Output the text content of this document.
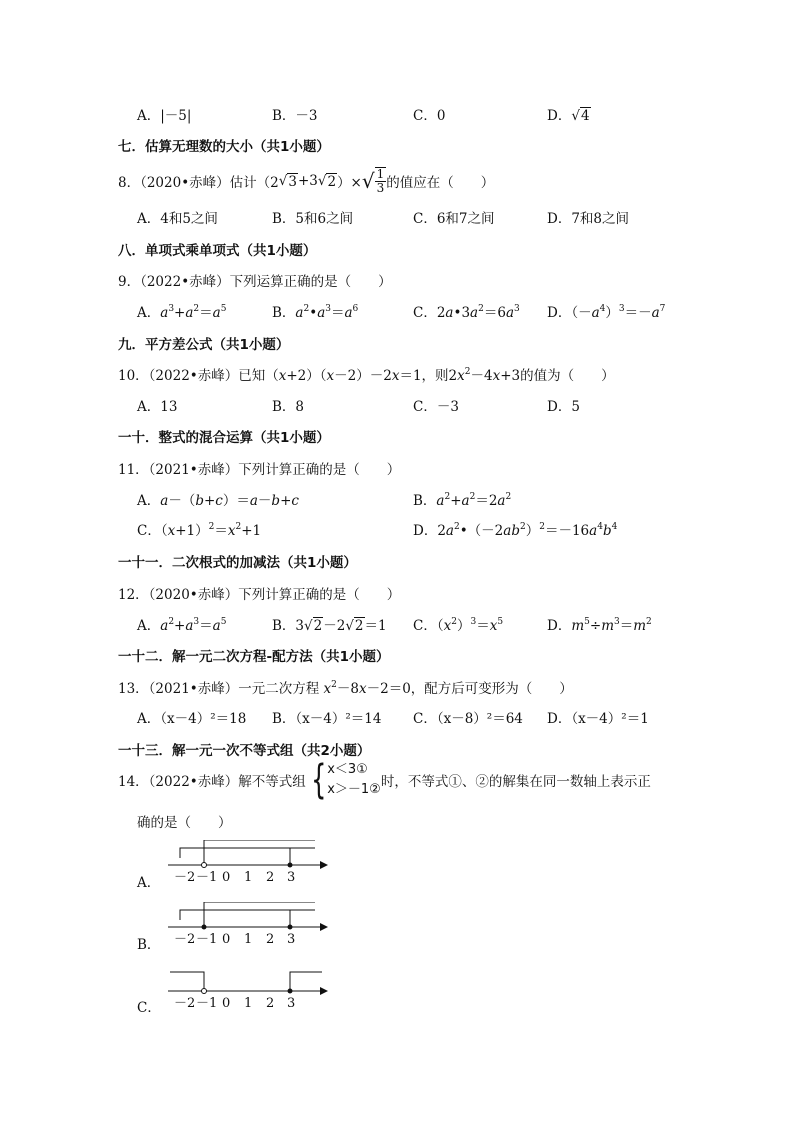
A．|－5|	B．－3	C．0	D．√4
七．估算无理数的大小（共1小题）
8．（2020•赤峰）估计（2 √ 3 +3 √ 2 ）× √ $\frac{1}{3}$ 的值应在（　　）
A．4和5之间	B．5和6之间	C．6和7之间	D．7和8之间
八．单项式乘单项式（共1小题）
9．（2022•赤峰）下列运算正确的是（　　）
A．$a^3+a^2=a^5$	B．$a^2•a^3=a^6$	C．$2a•3a^2=6a^3$ D．$(-a^4)^3=-a^7$
九．平方差公式（共1小题）
10．（2022•赤峰）已知（x+2）（x－2）－2x＝1，则$2x^2-4x+3$的值为（　　）
A．13	B．8	C．－3	D．5
一十．整式的混合运算（共1小题）
11．（2021•赤峰）下列计算正确的是（　　）
A．a－（b+c）＝a－b+c	B．$a^2+a^2=2a^2$
C．$(x+1)^2=x^2+1$	D．$2a^2•(-2ab^2)^2=-16a^4b^4$
一十一．二次根式的加减法（共1小题）
12．（2020•赤峰）下列计算正确的是（　　）
A．$a^2+a^3=a^5$	B．3√2－2√2＝1 C．$(x^2)^3=x^5$	D．$m^5\div m^3=m^2$
一十二．解一元二次方程-配方法（共1小题）
13．（2021•赤峰）一元二次方程 $x^2-8x-2=0$，配方后可变形为（　　）
A．（x－4）²＝18 B．（x－4）²＝14 C．（x－8）²＝64 D．（x－4）²＝1
一十三．解一元一次不等式组（共2小题）
14．（2022•赤峰）解不等式组 { x＜3①
x＞－1② 时，不等式①、②的解集在同一数轴上表示正
确的是（　　）
A． －2 －1 0 1 2 3
B． －2 －1 0 1 2 3
C． －2 －1 0 1 2 3
